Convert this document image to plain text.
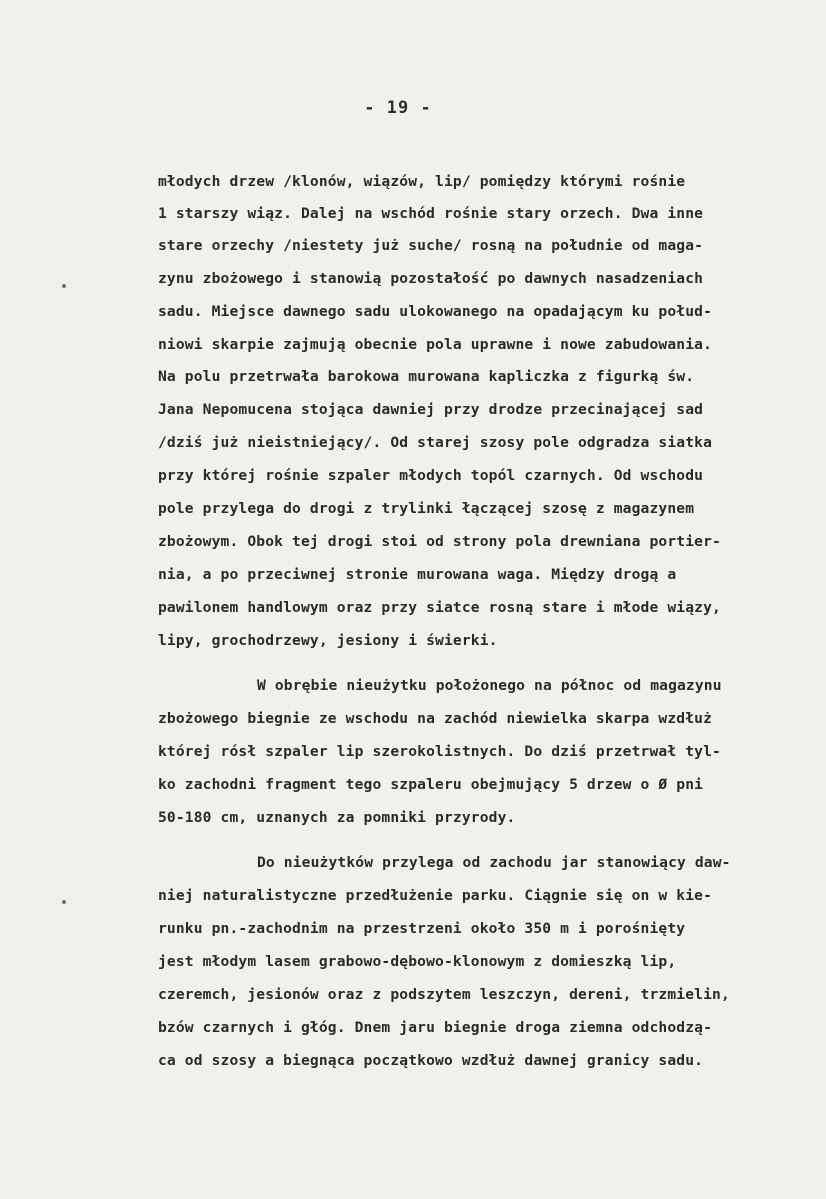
- 19 -
młodych drzew /klonów, wiązów, lip/ pomiędzy którymi rośnie
1 starszy wiąz. Dalej na wschód rośnie stary orzech. Dwa inne
stare orzechy /niestety już suche/ rosną na południe od maga-
zynu zbożowego i stanowią pozostałość po dawnych nasadzeniach
sadu. Miejsce dawnego sadu ulokowanego na opadającym ku połud-
niowi skarpie zajmują obecnie pola uprawne i nowe zabudowania.
Na polu przetrwała barokowa murowana kapliczka z figurką św.
Jana Nepomucena stojąca dawniej przy drodze przecinającej sad
/dziś już nieistniejący/. Od starej szosy pole odgradza siatka
przy której rośnie szpaler młodych topól czarnych. Od wschodu
pole przylega do drogi z trylinki łączącej szosę z magazynem
zbożowym. Obok tej drogi stoi od strony pola drewniana portier-
nia, a po przeciwnej stronie murowana waga. Między drogą a
pawilonem handlowym oraz przy siatce rosną stare i młode wiązy,
lipy, grochodrzewy, jesiony i świerki.
W obrębie nieużytku położonego na północ od magazynu
zbożowego biegnie ze wschodu na zachód niewielka skarpa wzdłuż
której rósł szpaler lip szerokolistnych. Do dziś przetrwał tyl-
ko zachodni fragment tego szpaleru obejmujący 5 drzew o Ø pni
50-180 cm, uznanych za pomniki przyrody.
Do nieużytków przylega od zachodu jar stanowiący daw-
niej naturalistyczne przedłużenie parku. Ciągnie się on w kie-
runku pn.-zachodnim na przestrzeni około 350 m i porośnięty
jest młodym lasem grabowo-dębowo-klonowym z domieszką lip,
czeremch, jesionów oraz z podszytem leszczyn, dereni, trzmielin,
bzów czarnych i głóg. Dnem jaru biegnie droga ziemna odchodzą-
ca od szosy a biegnąca początkowo wzdłuż dawnej granicy sadu.
